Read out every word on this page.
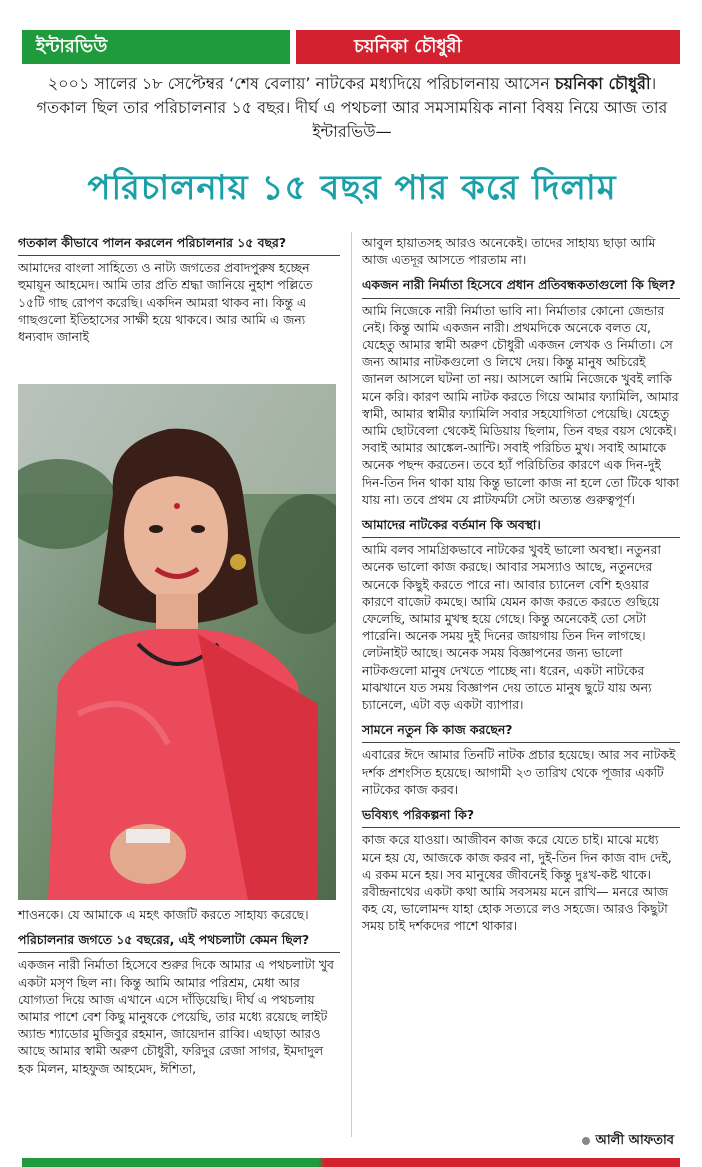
ইন্টারভিউ	চয়নিকা চৌধুরী
২০০১ সালের ১৮ সেপ্টেম্বর ‘শেষ বেলায়’ নাটকের মধ্যদিয়ে পরিচালনায় আসেন চয়নিকা চৌধুরী। গতকাল ছিল তার পরিচালনার ১৫ বছর। দীর্ঘ এ পথচলা আর সমসাময়িক নানা বিষয় নিয়ে আজ তার ইন্টারভিউ—
পরিচালনায় ১৫ বছর পার করে দিলাম

গতকাল কীভাবে পালন করলেন পরিচালনার ১৫ বছর?

আমাদের বাংলা সাহিত্যে ও নাট্য জগতের প্রবাদপুরুষ হচ্ছেন হুমায়ূন আহমেদ। আমি তার প্রতি শ্রদ্ধা জানিয়ে নুহাশ পল্লিতে ১৫টি গাছ রোপণ করেছি। একদিন আমরা থাকব না। কিন্তু এ গাছগুলো ইতিহাসের সাক্ষী হয়ে থাকবে। আর আমি এ জন্য ধন্যবাদ জানাই

শাওনকে। যে আমাকে এ মহৎ কাজটি করতে সাহায্য করেছে।

পরিচালনার জগতে ১৫ বছরের, এই পথচলাটা কেমন ছিল?

একজন নারী নির্মাতা হিসেবে শুরুর দিকে আমার এ পথচলাটা খুব একটা মসৃণ ছিল না। কিন্তু আমি আমার পরিশ্রম, মেধা আর যোগ্যতা দিয়ে আজ এখানে এসে দাঁড়িয়েছি। দীর্ঘ এ পথচলায় আমার পাশে বেশ কিছু মানুষকে পেয়েছি, তার মধ্যে রয়েছে লাইট অ্যান্ড শ্যাডোর মুজিবুর রহমান, জায়েদান রাব্বি। এছাড়া আরও আছে আমার স্বামী অরুণ চৌধুরী, ফরিদুর রেজা সাগর, ইমদাদুল হক মিলন, মাহফুজ আহমেদ, ঈশিতা,

আবুল হায়াতসহ আরও অনেকেই। তাদের সাহায্য ছাড়া আমি আজ এতদূর আসতে পারতাম না।

একজন নারী নির্মাতা হিসেবে প্রধান প্রতিবন্ধকতাগুলো কি ছিল?

আমি নিজেকে নারী নির্মাতা ভাবি না। নির্মাতার কোনো জেন্ডার নেই। কিন্তু আমি একজন নারী। প্রথমদিকে অনেকে বলত যে, যেহেতু আমার স্বামী অরুণ চৌধুরী একজন লেখক ও নির্মাতা। সে জন্য আমার নাটকগুলো ও লিখে দেয়। কিন্তু মানুষ অচিরেই জানল আসলে ঘটনা তা নয়। আসলে আমি নিজেকে খুবই লাকি মনে করি। কারণ আমি নাটক করতে গিয়ে আমার ফ্যামিলি, আমার স্বামী, আমার স্বামীর ফ্যামিলি সবার সহযোগিতা পেয়েছি। যেহেতু আমি ছোটবেলা থেকেই মিডিয়ায় ছিলাম, তিন বছর বয়স থেকেই। সবাই আমার আঙ্কেল-আন্টি। সবাই পরিচিত মুখ। সবাই আমাকে অনেক পছন্দ করতেন। তবে হ্যাঁ পরিচিতির কারণে এক দিন-দুই দিন-তিন দিন থাকা যায় কিন্তু ভালো কাজ না হলে তো টিকে থাকা যায় না। তবে প্রথম যে প্লাটফর্মটা সেটা অত্যন্ত গুরুত্বপূর্ণ।

আমাদের নাটকের বর্তমান কি অবস্থা।

আমি বলব সামগ্রিকভাবে নাটকের খুবই ভালো অবস্থা। নতুনরা অনেক ভালো কাজ করছে। আবার সমস্যাও আছে, নতুনদের অনেকে কিছুই করতে পারে না। আবার চ্যানেল বেশি হওয়ার কারণে বাজেট কমছে। আমি যেমন কাজ করতে করতে গুছিয়ে ফেলেছি, আমার মুখস্থ হয়ে গেছে। কিন্তু অনেকেই তো সেটা পারেনি। অনেক সময় দুই দিনের জায়গায় তিন দিন লাগছে। লেটনাইট আছে। অনেক সময় বিজ্ঞাপনের জন্য ভালো নাটকগুলো মানুষ দেখতে পাচ্ছে না। ধরেন, একটা নাটকের মাঝখানে যত সময় বিজ্ঞাপন দেয় তাতে মানুষ ছুটে যায় অন্য চ্যানেলে, এটা বড় একটা ব্যাপার।

সামনে নতুন কি কাজ করছেন?

এবারের ঈদে আমার তিনটি নাটক প্রচার হয়েছে। আর সব নাটকই দর্শক প্রশংসিত হয়েছে। আগামী ২৩ তারিখ থেকে পূজার একটি নাটকের কাজ করব।

ভবিষ্যৎ পরিকল্পনা কি?

কাজ করে যাওয়া। আজীবন কাজ করে যেতে চাই। মাঝে মধ্যে মনে হয় যে, আজকে কাজ করব না, দুই-তিন দিন কাজ বাদ দেই, এ রকম মনে হয়। সব মানুষের জীবনেই কিন্তু দুঃখ-কষ্ট থাকে। রবীন্দ্রনাথের একটা কথা আমি সবসময় মনে রাখি— মনরে আজ কহ যে, ভালোমন্দ যাহা হোক সত্যরে লও সহজে। আরও কিছুটা সময় চাই দর্শকদের পাশে থাকার।

আলী আফতাব
